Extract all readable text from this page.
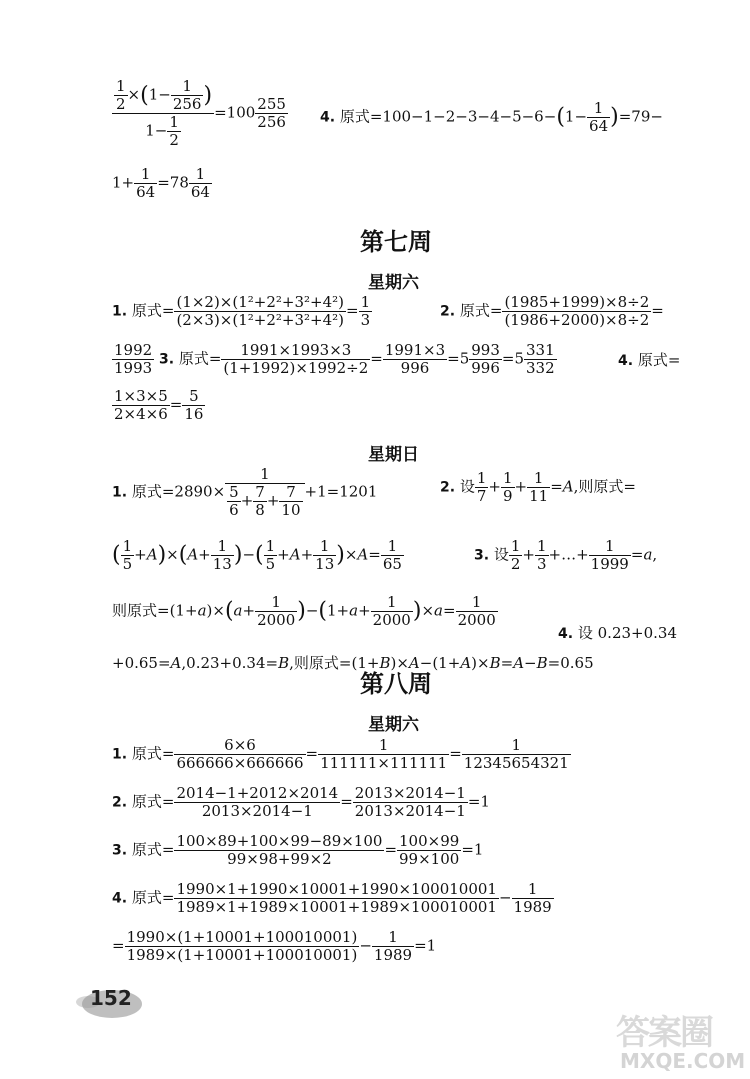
$\frac{\frac{1}{2} \times(1- \frac{1}{256} )}{1- \frac{1}{2}} =100 \frac{255}{256} 4$. 原式$=100-1-2-3-4-5-6-(1- \frac{1}{64} )=79-$
$1+ \frac{1}{64} =78 \frac{1}{64}$
第七周
星期六
1. 原式= $\frac{\text{(1×2)×(1²+2²+3²+4²)}}{\text{(2×3)×(1²+2²+3²+4²)}} = \frac{1}{3}$	2. 原式= $\frac{(1985+1999)\times 8\div 2}{(1986+2000)\times 8\div 2}$ =
$\frac{1992}{1993} 3$. 原式= $\frac{1991\times 1993\times 3}{(1+1992)\times 1992\div 2} = \frac{1991\times 3}{996} =5 \frac{993}{996} =5 \frac{331}{332}$	4. 原式=
$\frac{1\times 3\times 5}{2\times 4\times 6} = \frac{5}{16}$
星期日
1. 原式$=2890\times \frac{1}{\frac{5}{6} + \frac{7}{8} + \frac{7}{10}} +1=1201$	2. 设 $\frac{1}{7} + \frac{1}{9} + \frac{1}{11} =A$,则原式=
( $\frac{1}{5} +A)\times(A+ \frac{1}{13}$ )−( $\frac{1}{5} +A+ \frac{1}{13} )\times A= \frac{1}{65}$	3. 设 $\frac{1}{2} + \frac{1}{3}$ +…+ $\frac{1}{1999} =a$,
则原式$=(1+a)\times(a+ \frac{1}{2000} )-(1+a+ \frac{1}{2000} )\times a= \frac{1}{2000}$
4. 设 0.23+0.34
+0.65=A,0.23+0.34=B,则原式=(1+B)×A−(1+A)×B=A−B=0.65
第八周
星期六
1. 原式= $\frac{6\times 6}{666666\times 666666} = \frac{1}{111111\times 111111} = \frac{1}{12345654321}$
2. 原式= $\frac{2014-1+2012\times 2014}{2013\times 2014-1} = \frac{2013\times 2014-1}{2013\times 2014-1} =1$
3. 原式= $\frac{100\times 89+100\times 99-89\times 100}{99\times 98+99\times 2} = \frac{100\times 99}{99\times 100} =1$
4. 原式= $\frac{1990\times 1+1990\times 10001+1990\times 100010001}{1989\times 1+1989\times 10001+1989\times 100010001} - \frac{1}{1989}$
= $\frac{1990\times(1+10001+100010001)}{1989\times(1+10001+100010001)} - \frac{1}{1989} =1$
152
答案圈
MXQE.COM
